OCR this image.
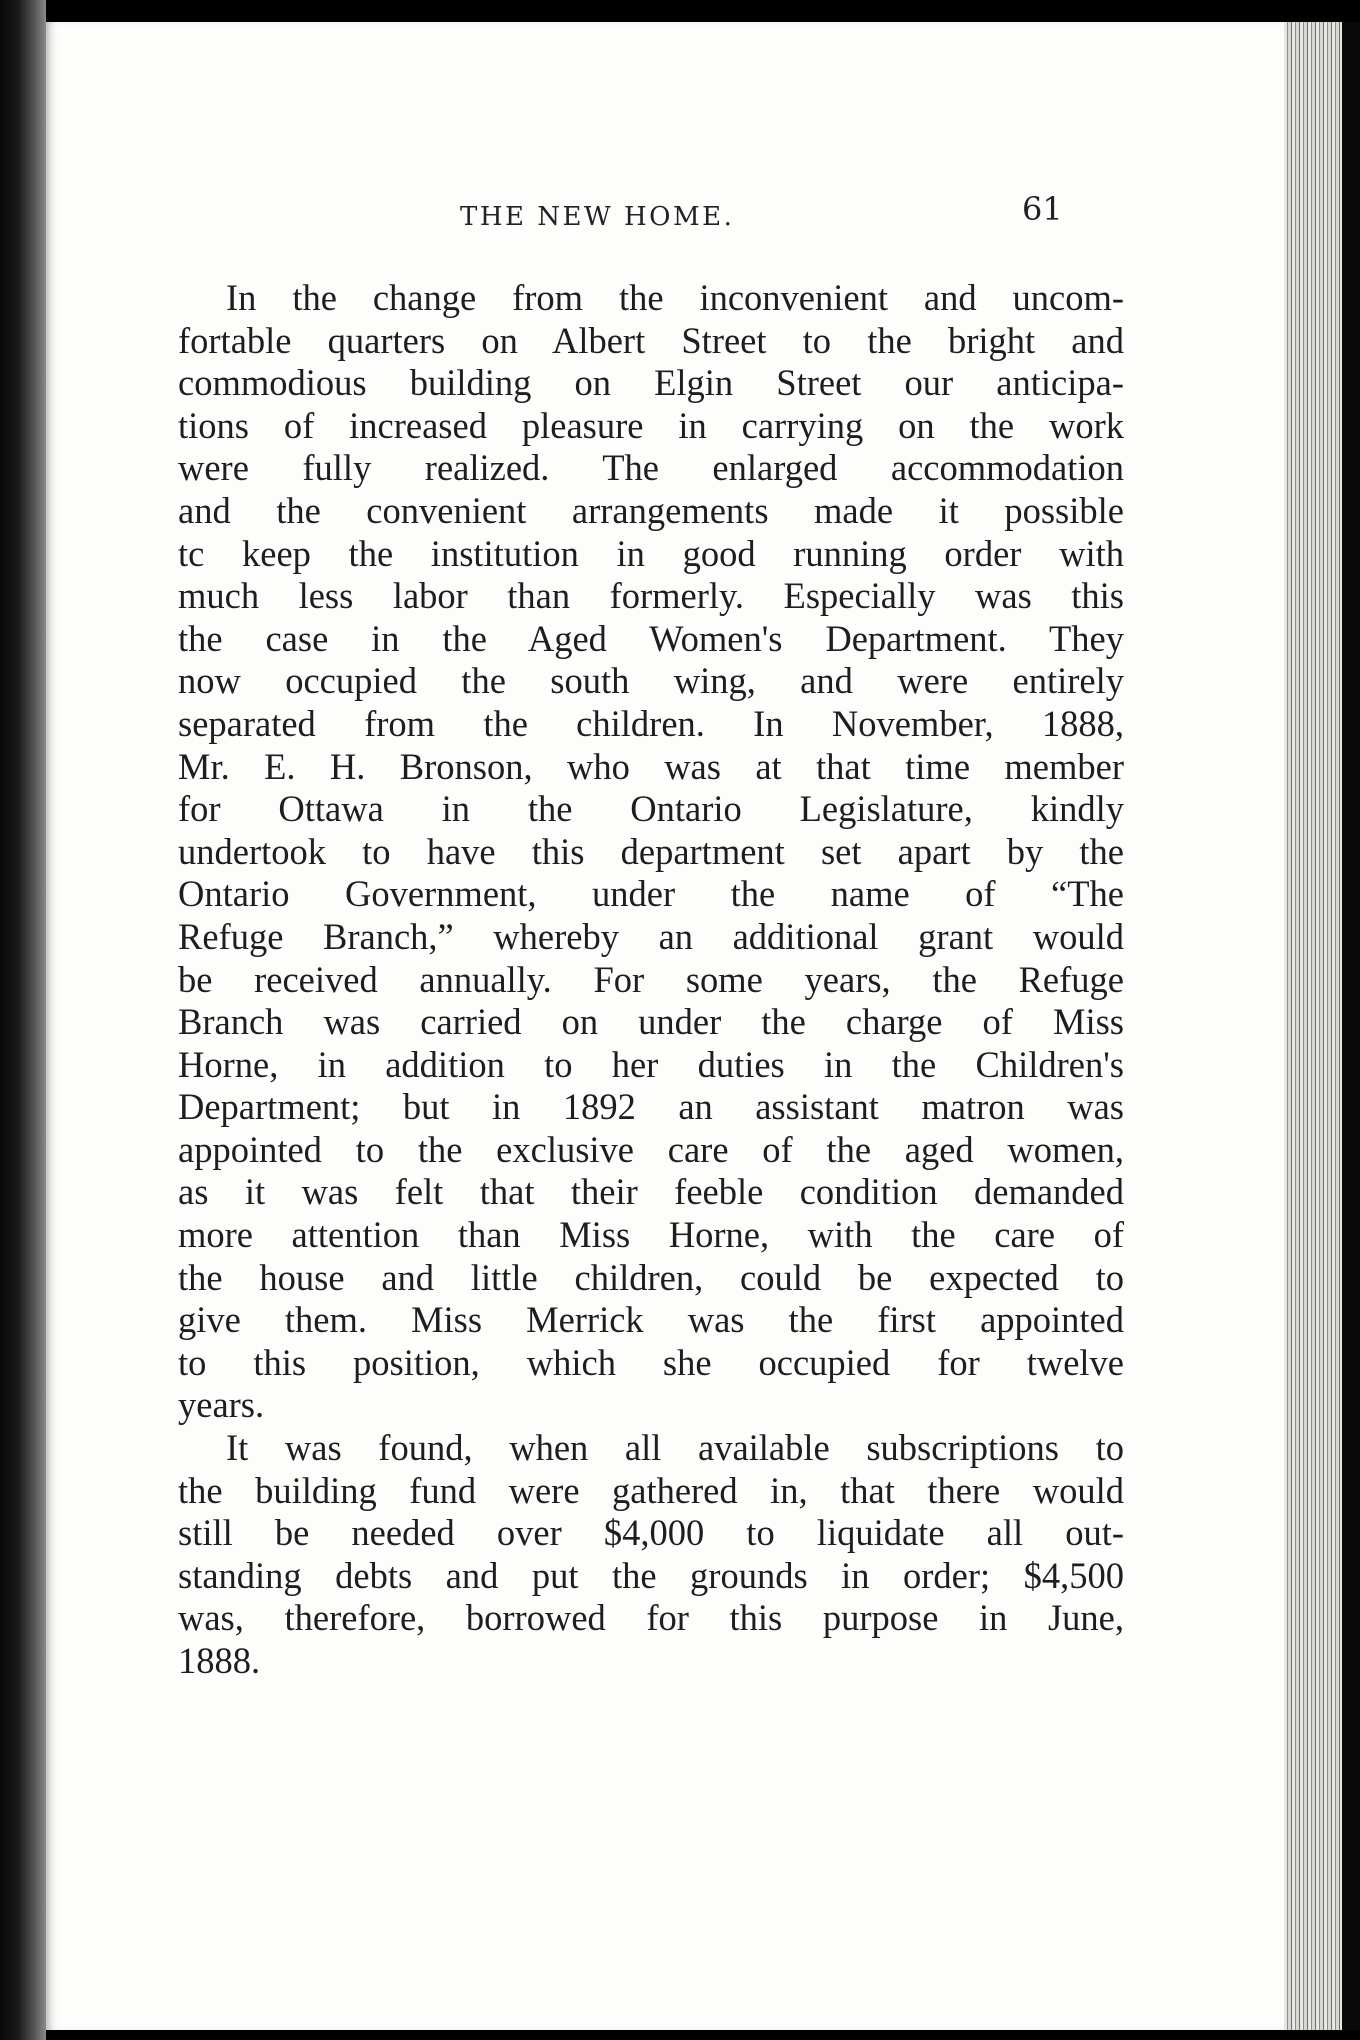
THE NEW HOME.	61

In the change from the inconvenient and uncom-
fortable quarters on Albert Street to the bright and
commodious building on Elgin Street our anticipa-
tions of increased pleasure in carrying on the work
were fully realized. The enlarged accommodation
and the convenient arrangements made it possible
tc keep the institution in good running order with
much less labor than formerly. Especially was this
the case in the Aged Women's Department. They
now occupied the south wing, and were entirely
separated from the children. In November, 1888,
Mr. E. H. Bronson, who was at that time member
for Ottawa in the Ontario Legislature, kindly
undertook to have this department set apart by the
Ontario Government, under the name of “The
Refuge Branch,” whereby an additional grant would
be received annually. For some years, the Refuge
Branch was carried on under the charge of Miss
Horne, in addition to her duties in the Children's
Department; but in 1892 an assistant matron was
appointed to the exclusive care of the aged women,
as it was felt that their feeble condition demanded
more attention than Miss Horne, with the care of
the house and little children, could be expected to
give them. Miss Merrick was the first appointed
to this position, which she occupied for twelve
years.

It was found, when all available subscriptions to
the building fund were gathered in, that there would
still be needed over $4,000 to liquidate all out-
standing debts and put the grounds in order; $4,500
was, therefore, borrowed for this purpose in June,
1888.
